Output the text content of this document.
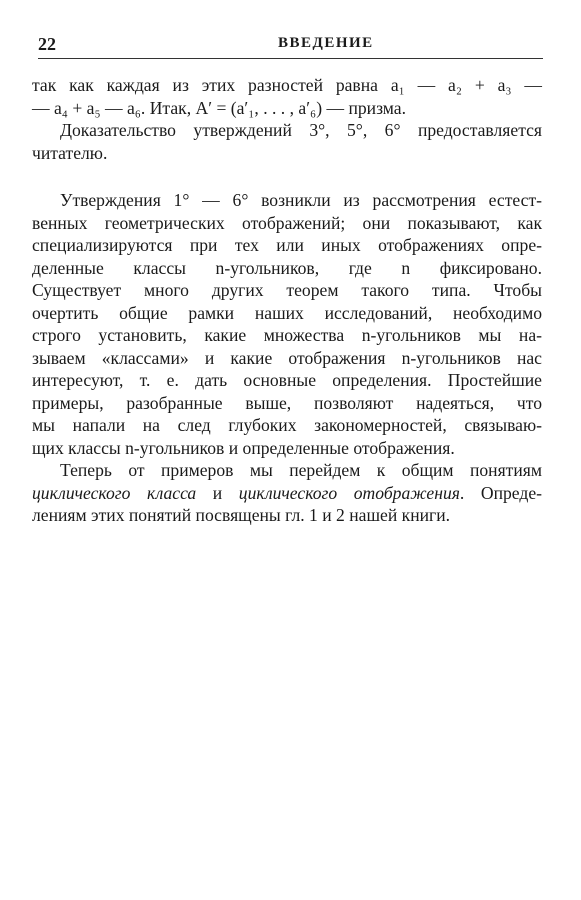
22	ВВЕДЕНИЕ
так как каждая из этих разностей равна a₁ — a₂ + a₃ —
— a₄ + a₅ — a₆. Итак, A′ = (a′₁, . . . , a′₆) — призма.
Доказательство утверждений 3°, 5°, 6° предоставляется
читателю.
Утверждения 1° — 6° возникли из рассмотрения естест-
венных геометрических отображений; они показывают, как
специализируются при тех или иных отображениях опре-
деленные классы n-угольников, где n фиксировано.
Существует много других теорем такого типа. Чтобы
очертить общие рамки наших исследований, необходимо
строго установить, какие множества n-угольников мы на-
зываем «классами» и какие отображения n-угольников нас
интересуют, т. е. дать основные определения. Простейшие
примеры, разобранные выше, позволяют надеяться, что
мы напали на след глубоких закономерностей, связываю-
щих классы n-угольников и определенные отображения.
Теперь от примеров мы перейдем к общим понятиям
циклического класса и циклического отображения. Опреде-
лениям этих понятий посвящены гл. 1 и 2 нашей книги.
